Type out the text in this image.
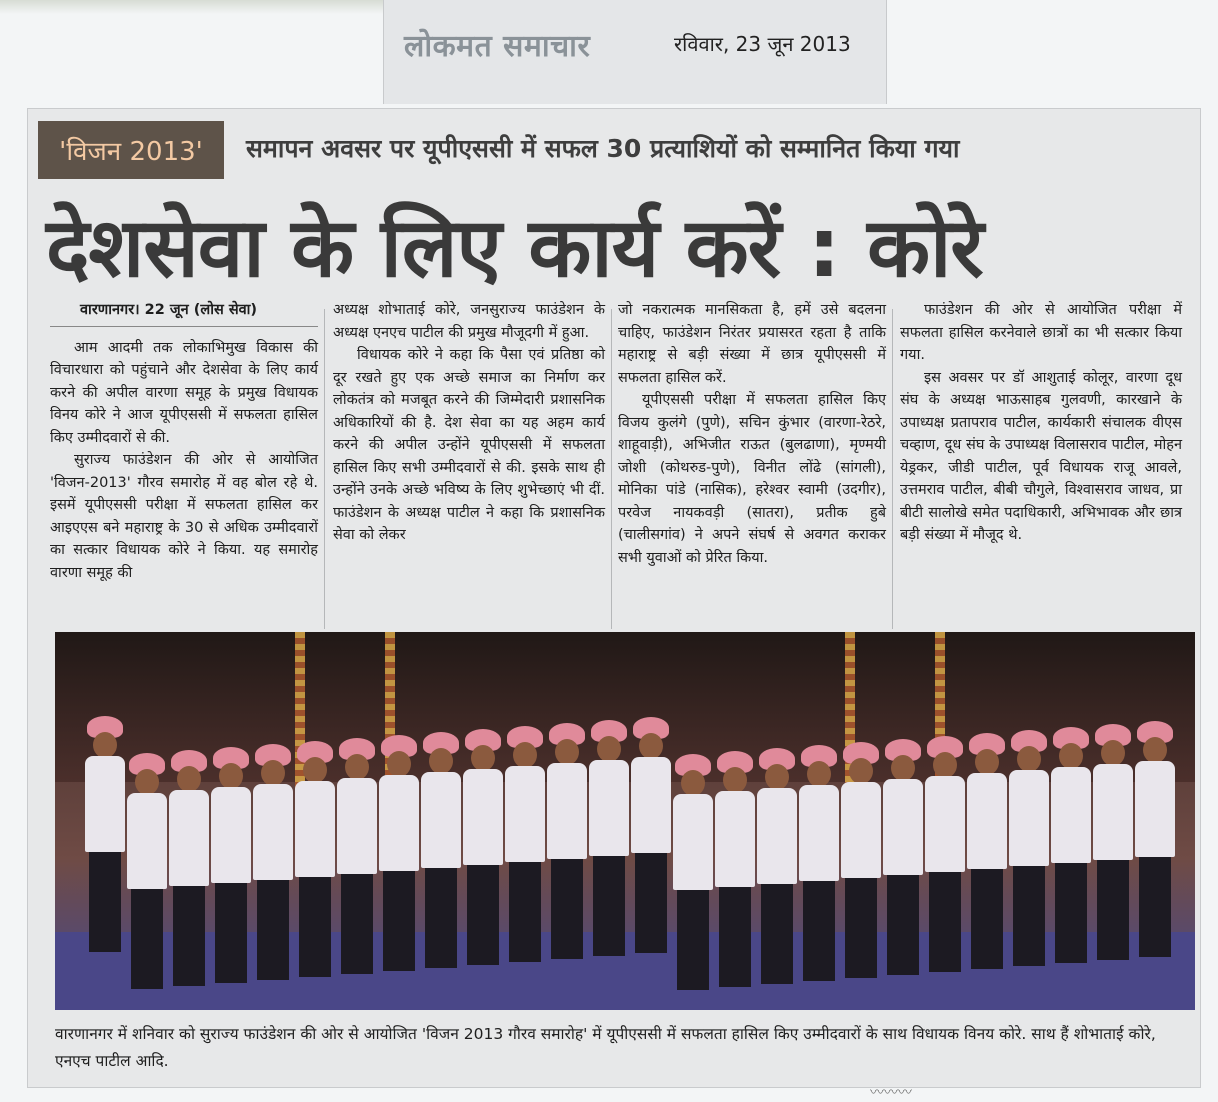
लोकमत समाचार	रविवार, 23 जून 2013
'विजन 2013'	समापन अवसर पर यूपीएससी में सफल 30 प्रत्याशियों को सम्मानित किया गया
देशसेवा के लिए कार्य करें : कोरे
वारणानगर। 22 जून (लोस सेवा)

आम आदमी तक लोकाभिमुख विकास की विचारधारा को पहुंचाने और देशसेवा के लिए कार्य करने की अपील वारणा समूह के प्रमुख विधायक विनय कोरे ने आज यूपीएससी में सफलता हासिल किए उम्मीदवारों से की.

सुराज्य फाउंडेशन की ओर से आयोजित 'विजन-2013' गौरव समारोह में वह बोल रहे थे. इसमें यूपीएससी परीक्षा में सफलता हासिल कर आइएएस बने महाराष्ट्र के 30 से अधिक उम्मीदवारों का सत्कार विधायक कोरे ने किया. यह समारोह वारणा समूह की

अध्यक्ष शोभाताई कोरे, जनसुराज्य फाउंडेशन के अध्यक्ष एनएच पाटील की प्रमुख मौजूदगी में हुआ.

विधायक कोरे ने कहा कि पैसा एवं प्रतिष्ठा को दूर रखते हुए एक अच्छे समाज का निर्माण कर लोकतंत्र को मजबूत करने की जिम्मेदारी प्रशासनिक अधिकारियों की है. देश सेवा का यह अहम कार्य करने की अपील उन्होंने यूपीएससी में सफलता हासिल किए सभी उम्मीदवारों से की. इसके साथ ही उन्होंने उनके अच्छे भविष्य के लिए शुभेच्छाएं भी दीं. फाउंडेशन के अध्यक्ष पाटील ने कहा कि प्रशासनिक सेवा को लेकर

जो नकरात्मक मानसिकता है, हमें उसे बदलना चाहिए, फाउंडेशन निरंतर प्रयासरत रहता है ताकि महाराष्ट्र से बड़ी संख्या में छात्र यूपीएससी में सफलता हासिल करें.

यूपीएससी परीक्षा में सफलता हासिल किए विजय कुलंगे (पुणे), सचिन कुंभार (वारणा-रेठरे, शाहूवाड़ी), अभिजीत राऊत (बुलढाणा), मृण्मयी जोशी (कोथरुड-पुणे), विनीत लोंढे (सांगली), मोनिका पांडे (नासिक), हरेश्वर स्वामी (उदगीर), परवेज नायकवड़ी (सातरा), प्रतीक हुबे (चालीसगांव) ने अपने संघर्ष से अवगत कराकर सभी युवाओं को प्रेरित किया.

फाउंडेशन की ओर से आयोजित परीक्षा में सफलता हासिल करनेवाले छात्रों का भी सत्कार किया गया.

इस अवसर पर डॉ आशुताई कोलूर, वारणा दूध संघ के अध्यक्ष भाऊसाहब गुलवणी, कारखाने के उपाध्यक्ष प्रतापराव पाटील, कार्यकारी संचालक वीएस चव्हाण, दूध संघ के उपाध्यक्ष विलासराव पाटील, मोहन येड्रकर, जीडी पाटील, पूर्व विधायक राजू आवले, उत्तमराव पाटील, बीबी चौगुले, विश्वासराव जाधव, प्रा बीटी सालोखे समेत पदाधिकारी, अभिभावक और छात्र बड़ी संख्या में मौजूद थे.

वारणानगर में शनिवार को सुराज्य फाउंडेशन की ओर से आयोजित 'विजन 2013 गौरव समारोह' में यूपीएससी में सफलता हासिल किए उम्मीदवारों के साथ विधायक विनय कोरे. साथ हैं शोभाताई कोरे, एनएच पाटील आदि.
〰〰〰
